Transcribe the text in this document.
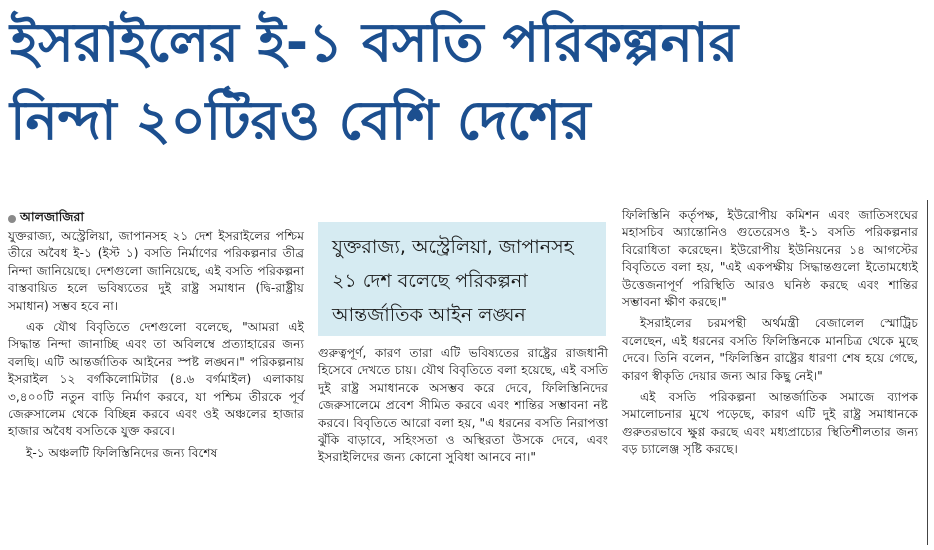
ইসরাইলের ই-১ বসতি পরিকল্পনার
নিন্দা ২০টিরও বেশি দেশের
আলজাজিরা

যুক্তরাজ্য, অস্ট্রেলিয়া, জাপানসহ ২১ দেশ ইসরাইলের পশ্চিম তীরে অবৈধ ই-১ (ইস্ট ১) বসতি নির্মাণের পরিকল্পনার তীব্র নিন্দা জানিয়েছে। দেশগুলো জানিয়েছে, এই বসতি পরিকল্পনা বাস্তবায়িত হলে ভবিষ্যতের দুই রাষ্ট্র সমাধান (দ্বি-রাষ্ট্রীয় সমাধান) সম্ভব হবে না।

এক যৌথ বিবৃতিতে দেশগুলো বলেছে, "আমরা এই সিদ্ধান্ত নিন্দা জানাচ্ছি এবং তা অবিলম্বে প্রত্যাহারের জন্য বলছি। এটি আন্তর্জাতিক আইনের স্পষ্ট লঙ্ঘন।" পরিকল্পনায় ইসরাইল ১২ বর্গকিলোমিটার (৪.৬ বর্গমাইল) এলাকায় ৩,৪০০টি নতুন বাড়ি নির্মাণ করবে, যা পশ্চিম তীরকে পূর্ব জেরুসালেম থেকে বিচ্ছিন্ন করবে এবং ওই অঞ্চলের হাজার হাজার অবৈধ বসতিকে যুক্ত করবে।

ই-১ অঞ্চলটি ফিলিস্তিনিদের জন্য বিশেষ

যুক্তরাজ্য, অস্ট্রেলিয়া, জাপানসহ
২১ দেশ বলেছে পরিকল্পনা
আন্তর্জাতিক আইন লঙ্ঘন

গুরুত্বপূর্ণ, কারণ তারা এটি ভবিষ্যতের রাষ্ট্রের রাজধানী হিসেবে দেখতে চায়। যৌথ বিবৃতিতে বলা হয়েছে, এই বসতি দুই রাষ্ট্র সমাধানকে অসম্ভব করে দেবে, ফিলিস্তিনিদের জেরুসালেমে প্রবেশ সীমিত করবে এবং শান্তির সম্ভাবনা নষ্ট করবে। বিবৃতিতে আরো বলা হয়, "এ ধরনের বসতি নিরাপত্তা ঝুঁকি বাড়াবে, সহিংসতা ও অস্থিরতা উসকে দেবে, এবং ইসরাইলিদের জন্য কোনো সুবিধা আনবে না।"

ফিলিস্তিনি কর্তৃপক্ষ, ইউরোপীয় কমিশন এবং জাতিসংঘের মহাসচিব অ্যান্তোনিও গুতেরেসও ই-১ বসতি পরিকল্পনার বিরোধিতা করেছেন। ইউরোপীয় ইউনিয়নের ১৪ আগস্টের বিবৃতিতে বলা হয়, "এই একপক্ষীয় সিদ্ধান্তগুলো ইতোমধ্যেই উত্তেজনাপূর্ণ পরিস্থিতি আরও ঘনিষ্ঠ করছে এবং শান্তির সম্ভাবনা ক্ষীণ করছে।"

ইসরাইলের চরমপন্থী অর্থমন্ত্রী বেজালেল স্মোট্রিচ বলেছেন, এই ধরনের বসতি ফিলিস্তিনকে মানচিত্র থেকে মুছে দেবে। তিনি বলেন, "ফিলিস্তিন রাষ্ট্রের ধারণা শেষ হয়ে গেছে, কারণ স্বীকৃতি দেয়ার জন্য আর কিছু নেই।"

এই বসতি পরিকল্পনা আন্তর্জাতিক সমাজে ব্যাপক সমালোচনার মুখে পড়েছে, কারণ এটি দুই রাষ্ট্র সমাধানকে গুরুতরভাবে ক্ষুণ্ণ করছে এবং মধ্যপ্রাচ্যের স্থিতিশীলতার জন্য বড় চ্যালেঞ্জ সৃষ্টি করছে।
